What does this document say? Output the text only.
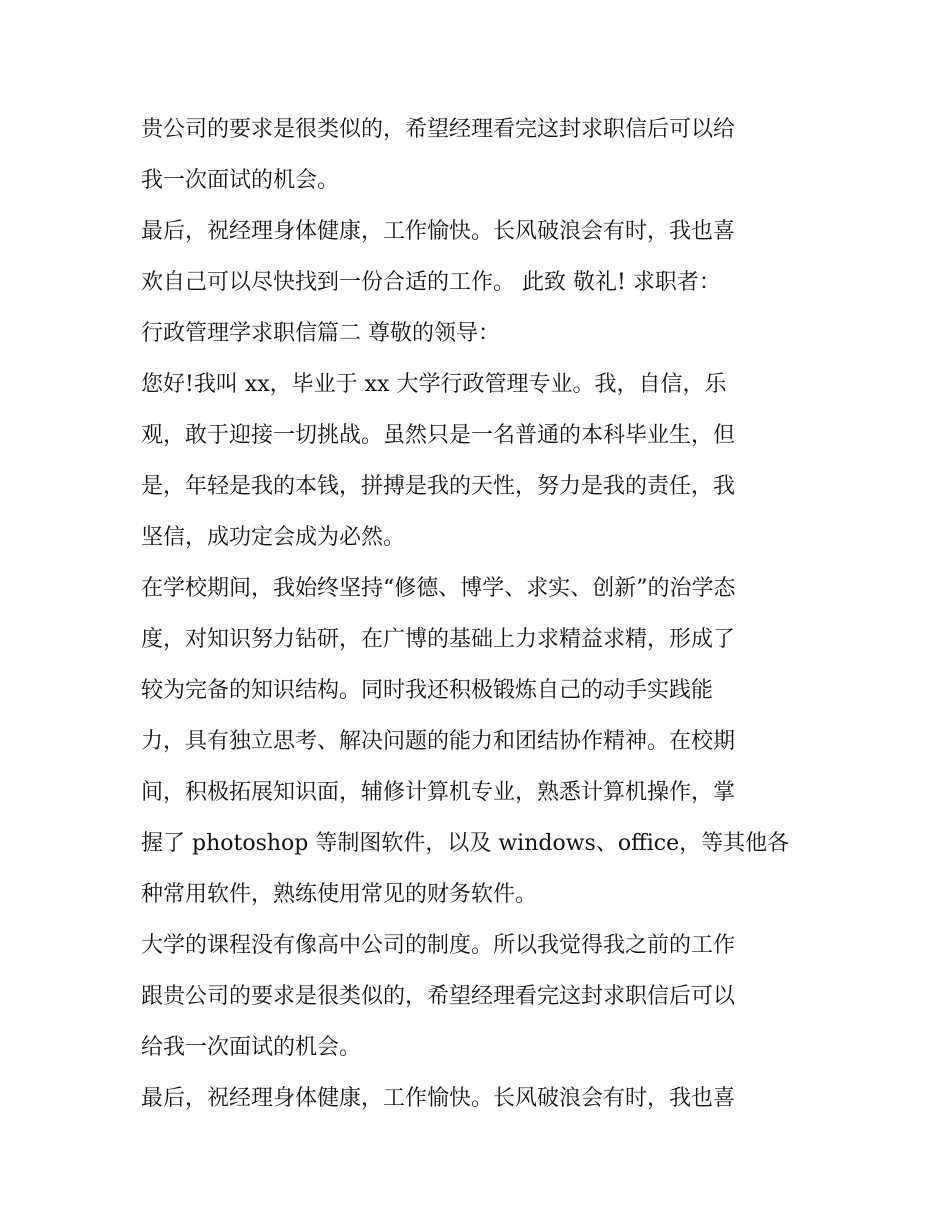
贵公司的要求是很类似的，希望经理看完这封求职信后可以给
我一次面试的机会。
最后，祝经理身体健康，工作愉快。长风破浪会有时，我也喜
欢自己可以尽快找到一份合适的工作。 此致 敬礼! 求职者：
行政管理学求职信篇二 尊敬的领导：
您好!我叫 xx，毕业于 xx 大学行政管理专业。我，自信，乐
观，敢于迎接一切挑战。虽然只是一名普通的本科毕业生，但
是，年轻是我的本钱，拼搏是我的天性，努力是我的责任，我
坚信，成功定会成为必然。
在学校期间，我始终坚持“修德、博学、求实、创新”的治学态
度，对知识努力钻研，在广博的基础上力求精益求精，形成了
较为完备的知识结构。同时我还积极锻炼自己的动手实践能
力，具有独立思考、解决问题的能力和团结协作精神。在校期
间，积极拓展知识面，辅修计算机专业，熟悉计算机操作，掌
握了 photoshop 等制图软件，以及 windows、office，等其他各
种常用软件，熟练使用常见的财务软件。
大学的课程没有像高中公司的制度。所以我觉得我之前的工作
跟贵公司的要求是很类似的，希望经理看完这封求职信后可以
给我一次面试的机会。
最后，祝经理身体健康，工作愉快。长风破浪会有时，我也喜
